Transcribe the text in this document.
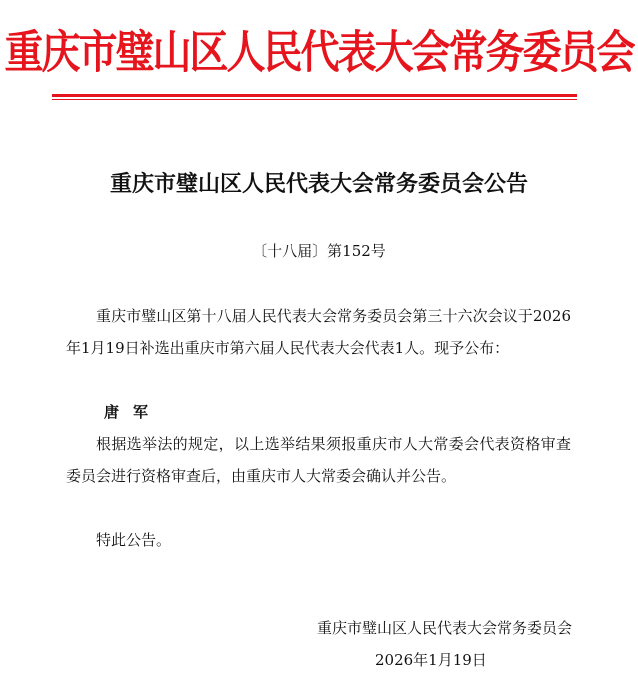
重庆市璧山区人民代表大会常务委员会
重庆市璧山区人民代表大会常务委员会公告
〔十八届〕第152号

重庆市璧山区第十八届人民代表大会常务委员会第三十六次会议于2026年1月19日补选出重庆市第六届人民代表大会代表1人。现予公布：

唐军

根据选举法的规定，以上选举结果须报重庆市人大常委会代表资格审查委员会进行资格审查后，由重庆市人大常委会确认并公告。

特此公告。

重庆市璧山区人民代表大会常务委员会
2026年1月19日
